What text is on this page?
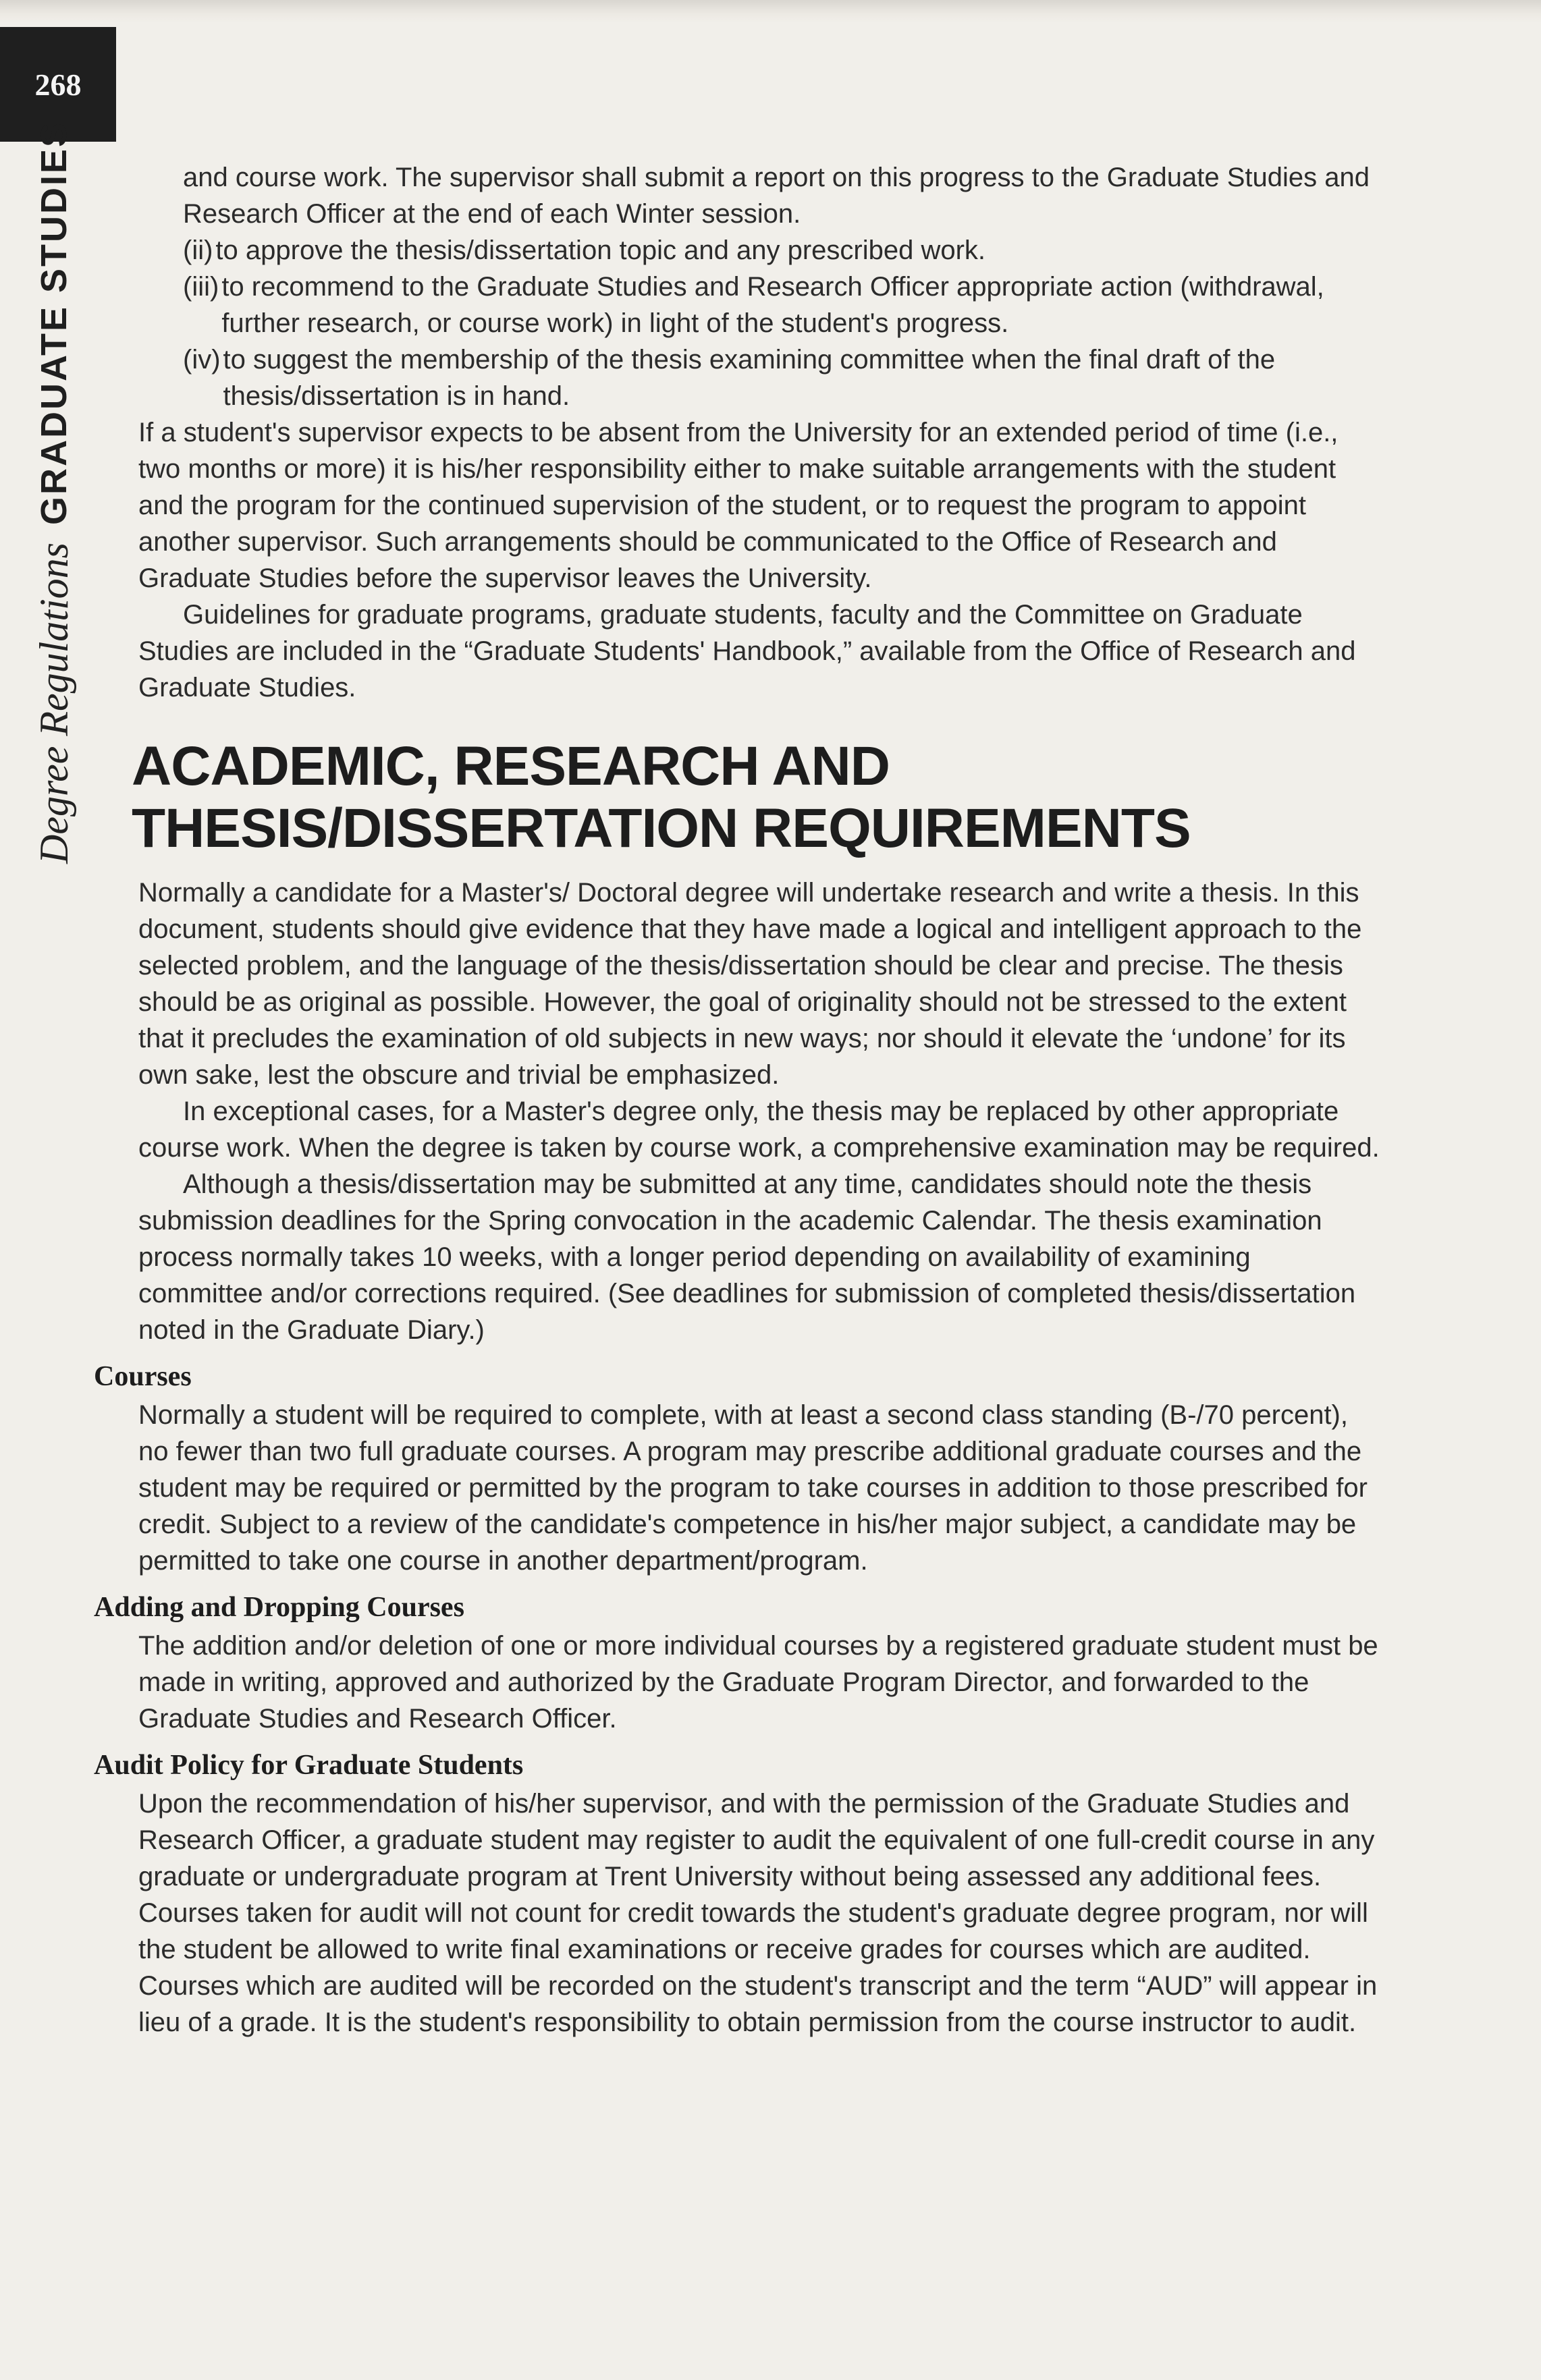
268
Degree Regulations
GRADUATE STUDIES	and course work. The supervisor shall submit a report on this progress to the Graduate Studies and Research Officer at the end of each Winter session.

(ii) to approve the thesis/dissertation topic and any prescribed work.
(iii) to recommend to the Graduate Studies and Research Officer appropriate action (withdrawal, further research, or course work) in light of the student's progress.
(iv) to suggest the membership of the thesis examining committee when the final draft of the thesis/dissertation is in hand.

If a student's supervisor expects to be absent from the University for an extended period of time (i.e., two months or more) it is his/her responsibility either to make suitable arrangements with the student and the program for the continued supervision of the student, or to request the program to appoint another supervisor. Such arrangements should be communicated to the Office of Research and Graduate Studies before the supervisor leaves the University.

Guidelines for graduate programs, graduate students, faculty and the Committee on Graduate Studies are included in the “Graduate Students' Handbook,” available from the Office of Research and Graduate Studies.

ACADEMIC, RESEARCH AND
THESIS/DISSERTATION REQUIREMENTS

Normally a candidate for a Master's/ Doctoral degree will undertake research and write a thesis. In this document, students should give evidence that they have made a logical and intelligent approach to the selected problem, and the language of the thesis/dissertation should be clear and precise. The thesis should be as original as possible. However, the goal of originality should not be stressed to the extent that it precludes the examination of old subjects in new ways; nor should it elevate the ‘undone’ for its own sake, lest the obscure and trivial be emphasized.

In exceptional cases, for a Master's degree only, the thesis may be replaced by other appropriate course work. When the degree is taken by course work, a comprehensive examination may be required.

Although a thesis/dissertation may be submitted at any time, candidates should note the thesis submission deadlines for the Spring convocation in the academic Calendar. The thesis examination process normally takes 10 weeks, with a longer period depending on availability of examining committee and/or corrections required. (See deadlines for submission of completed thesis/dissertation noted in the Graduate Diary.)

Courses

Normally a student will be required to complete, with at least a second class standing (B-/70 percent), no fewer than two full graduate courses. A program may prescribe additional graduate courses and the student may be required or permitted by the program to take courses in addition to those prescribed for credit. Subject to a review of the candidate's competence in his/her major subject, a candidate may be permitted to take one course in another department/program.

Adding and Dropping Courses

The addition and/or deletion of one or more individual courses by a registered graduate student must be made in writing, approved and authorized by the Graduate Program Director, and forwarded to the Graduate Studies and Research Officer.

Audit Policy for Graduate Students

Upon the recommendation of his/her supervisor, and with the permission of the Graduate Studies and Research Officer, a graduate student may register to audit the equivalent of one full-credit course in any graduate or undergraduate program at Trent University without being assessed any additional fees. Courses taken for audit will not count for credit towards the student's graduate degree program, nor will the student be allowed to write final examinations or receive grades for courses which are audited. Courses which are audited will be recorded on the student's transcript and the term “AUD” will appear in lieu of a grade. It is the student's responsibility to obtain permission from the course instructor to audit.
